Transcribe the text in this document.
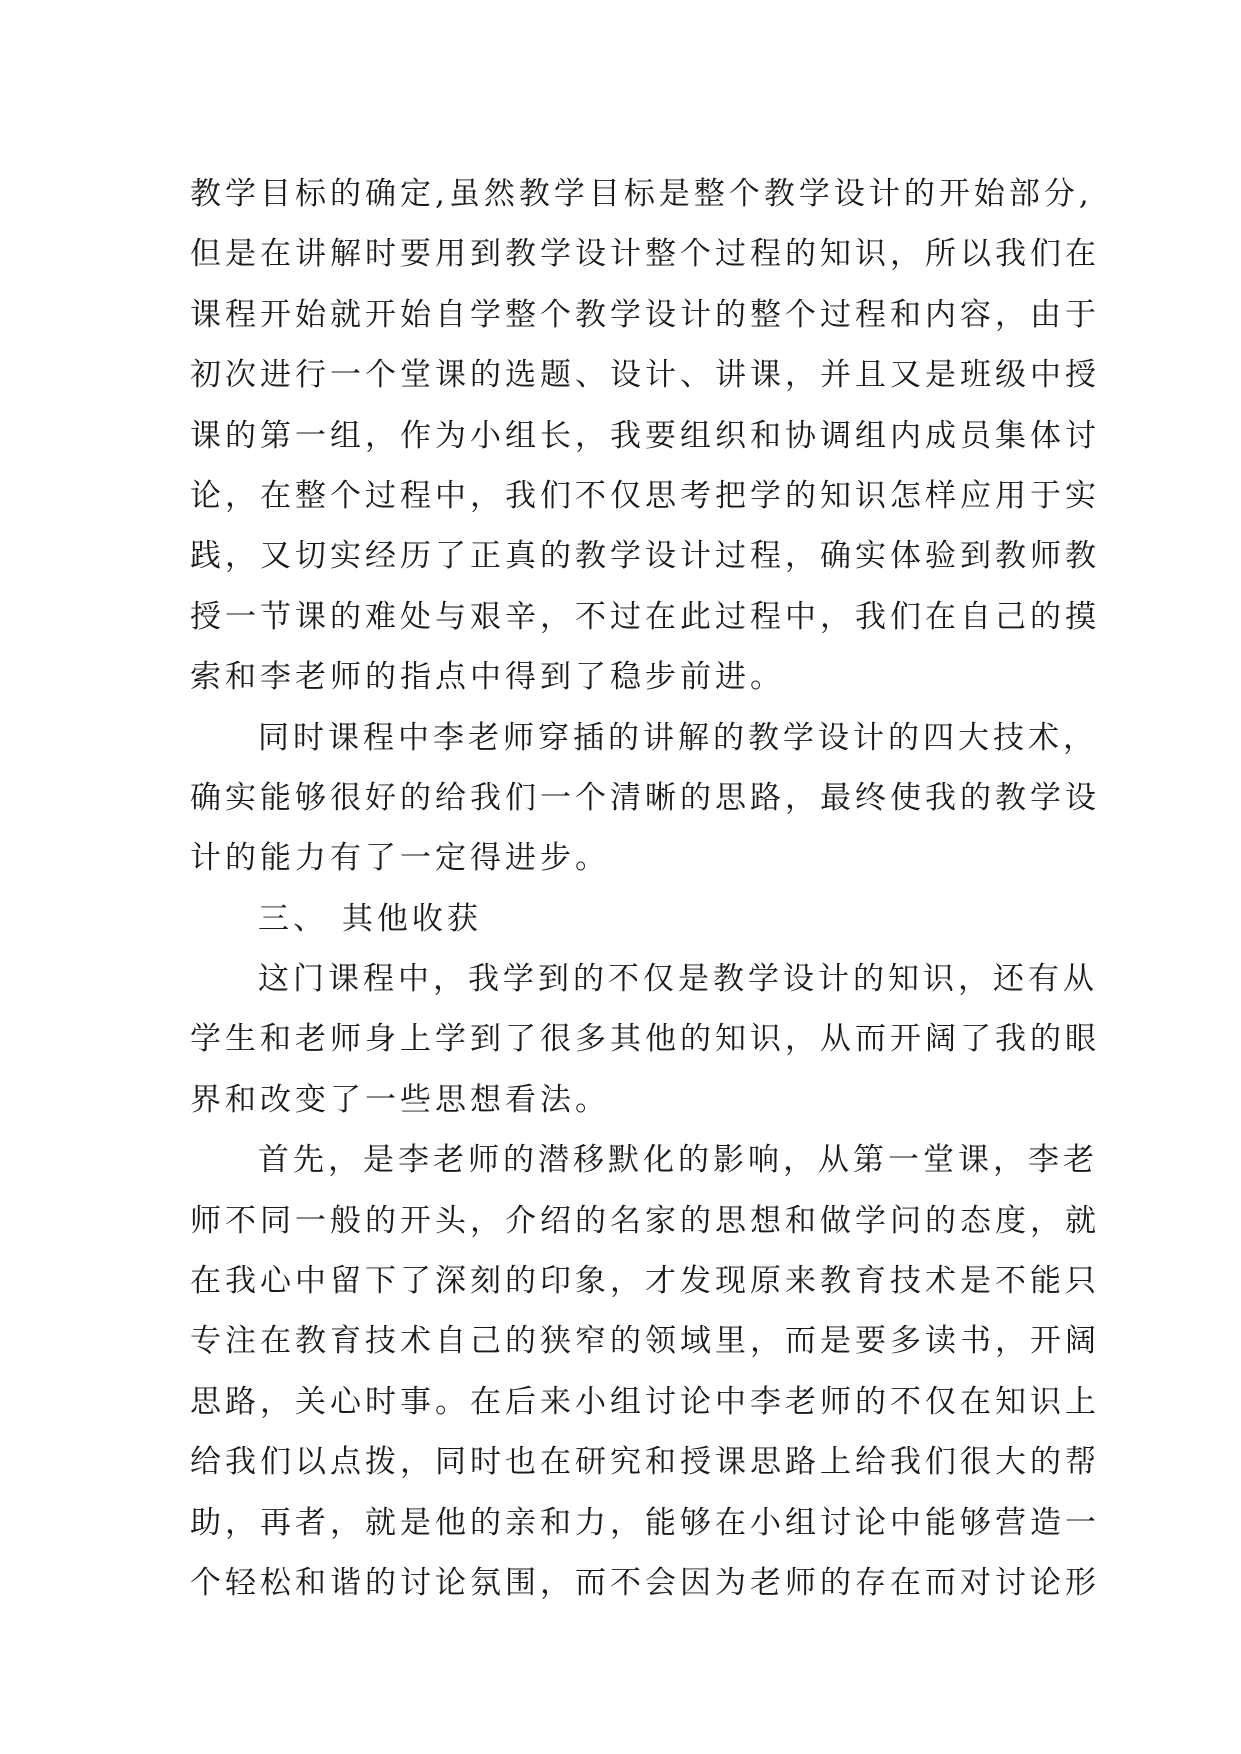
教学目标的确定,虽然教学目标是整个教学设计的开始部分,
但是在讲解时要用到教学设计整个过程的知识，所以我们在
课程开始就开始自学整个教学设计的整个过程和内容，由于
初次进行一个堂课的选题、设计、讲课，并且又是班级中授
课的第一组，作为小组长，我要组织和协调组内成员集体讨
论，在整个过程中，我们不仅思考把学的知识怎样应用于实
践，又切实经历了正真的教学设计过程，确实体验到教师教
授一节课的难处与艰辛，不过在此过程中，我们在自己的摸
索和李老师的指点中得到了稳步前进。
同时课程中李老师穿插的讲解的教学设计的四大技术，
确实能够很好的给我们一个清晰的思路，最终使我的教学设
计的能力有了一定得进步。
三、 其他收获
这门课程中，我学到的不仅是教学设计的知识，还有从
学生和老师身上学到了很多其他的知识，从而开阔了我的眼
界和改变了一些思想看法。
首先，是李老师的潜移默化的影响，从第一堂课，李老
师不同一般的开头，介绍的名家的思想和做学问的态度，就
在我心中留下了深刻的印象，才发现原来教育技术是不能只
专注在教育技术自己的狭窄的领域里，而是要多读书，开阔
思路，关心时事。在后来小组讨论中李老师的不仅在知识上
给我们以点拨，同时也在研究和授课思路上给我们很大的帮
助，再者，就是他的亲和力，能够在小组讨论中能够营造一
个轻松和谐的讨论氛围，而不会因为老师的存在而对讨论形
